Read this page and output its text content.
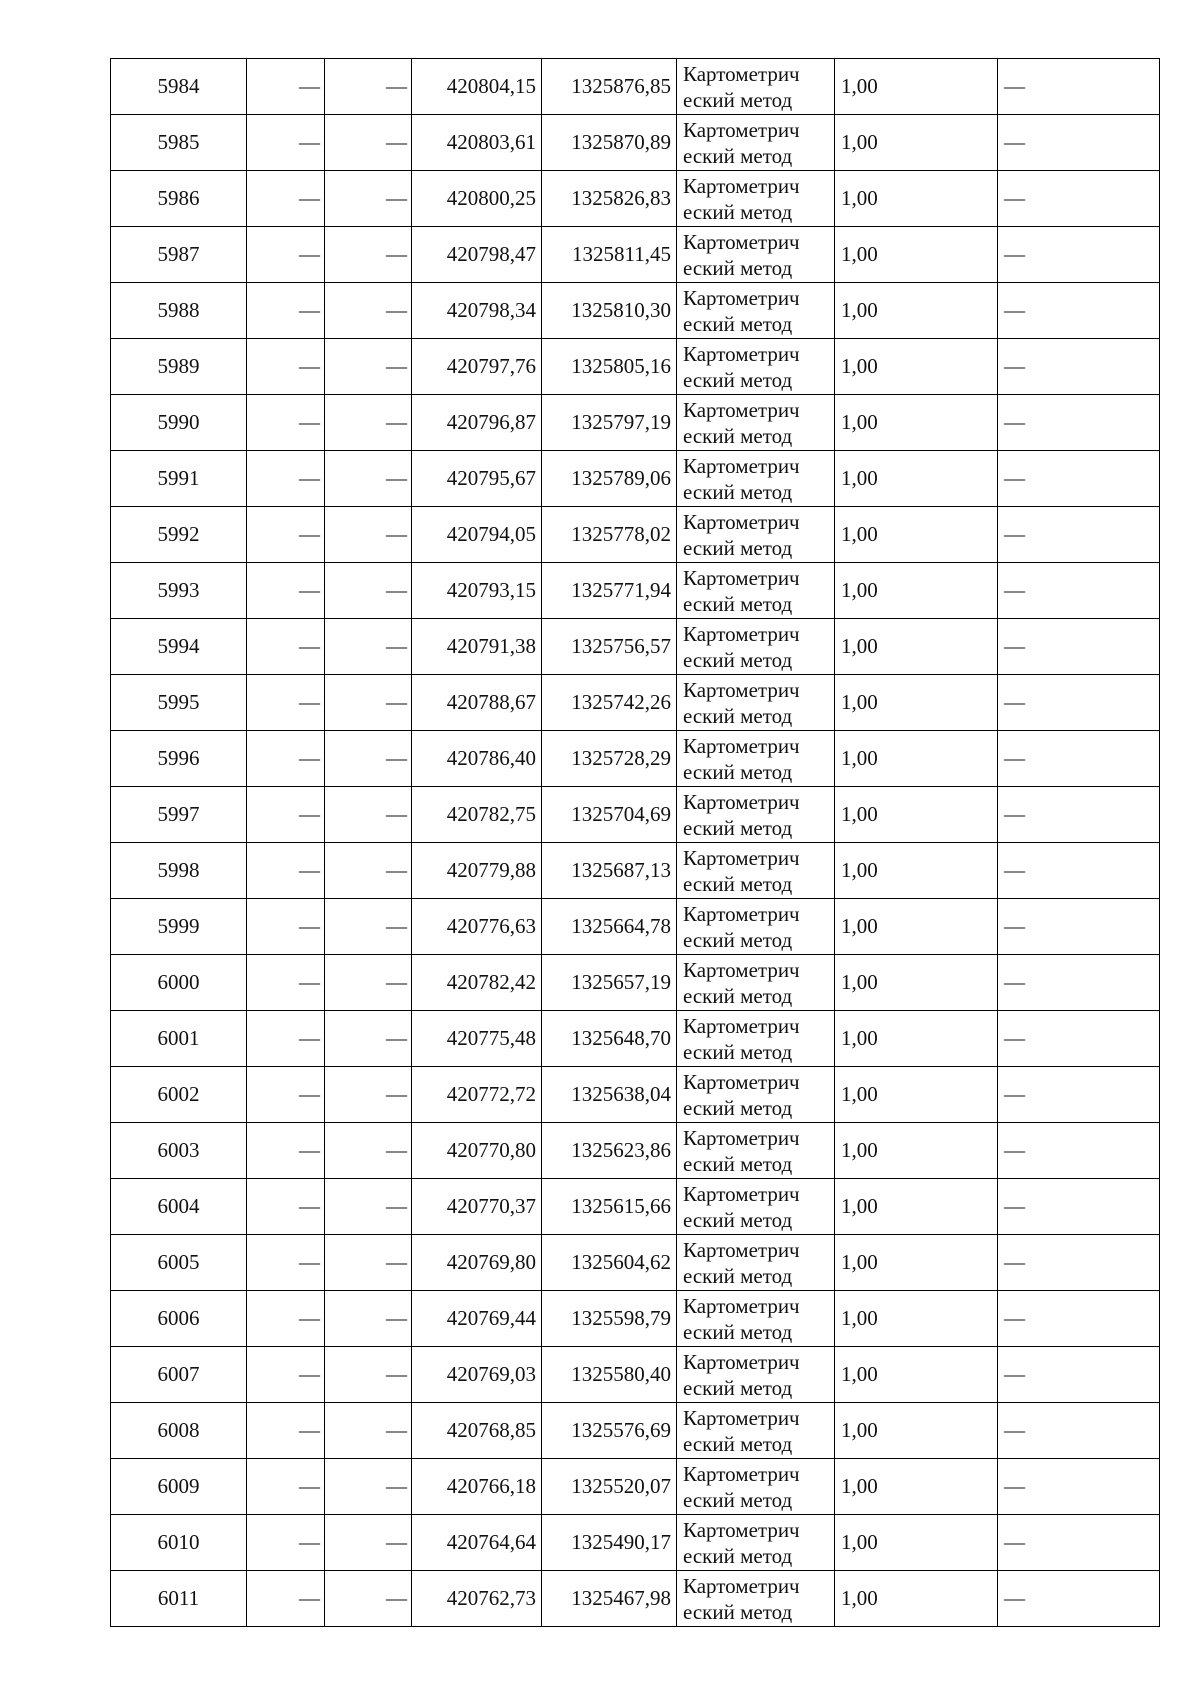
5984	—	—	420804,15	1325876,85	Картометрич
еский метод	1,00	—
5985	—	—	420803,61	1325870,89	Картометрич
еский метод	1,00	—
5986	—	—	420800,25	1325826,83	Картометрич
еский метод	1,00	—
5987	—	—	420798,47	1325811,45	Картометрич
еский метод	1,00	—
5988	—	—	420798,34	1325810,30	Картометрич
еский метод	1,00	—
5989	—	—	420797,76	1325805,16	Картометрич
еский метод	1,00	—
5990	—	—	420796,87	1325797,19	Картометрич
еский метод	1,00	—
5991	—	—	420795,67	1325789,06	Картометрич
еский метод	1,00	—
5992	—	—	420794,05	1325778,02	Картометрич
еский метод	1,00	—
5993	—	—	420793,15	1325771,94	Картометрич
еский метод	1,00	—
5994	—	—	420791,38	1325756,57	Картометрич
еский метод	1,00	—
5995	—	—	420788,67	1325742,26	Картометрич
еский метод	1,00	—
5996	—	—	420786,40	1325728,29	Картометрич
еский метод	1,00	—
5997	—	—	420782,75	1325704,69	Картометрич
еский метод	1,00	—
5998	—	—	420779,88	1325687,13	Картометрич
еский метод	1,00	—
5999	—	—	420776,63	1325664,78	Картометрич
еский метод	1,00	—
6000	—	—	420782,42	1325657,19	Картометрич
еский метод	1,00	—
6001	—	—	420775,48	1325648,70	Картометрич
еский метод	1,00	—
6002	—	—	420772,72	1325638,04	Картометрич
еский метод	1,00	—
6003	—	—	420770,80	1325623,86	Картометрич
еский метод	1,00	—
6004	—	—	420770,37	1325615,66	Картометрич
еский метод	1,00	—
6005	—	—	420769,80	1325604,62	Картометрич
еский метод	1,00	—
6006	—	—	420769,44	1325598,79	Картометрич
еский метод	1,00	—
6007	—	—	420769,03	1325580,40	Картометрич
еский метод	1,00	—
6008	—	—	420768,85	1325576,69	Картометрич
еский метод	1,00	—
6009	—	—	420766,18	1325520,07	Картометрич
еский метод	1,00	—
6010	—	—	420764,64	1325490,17	Картометрич
еский метод	1,00	—
6011	—	—	420762,73	1325467,98	Картометрич
еский метод	1,00	—
